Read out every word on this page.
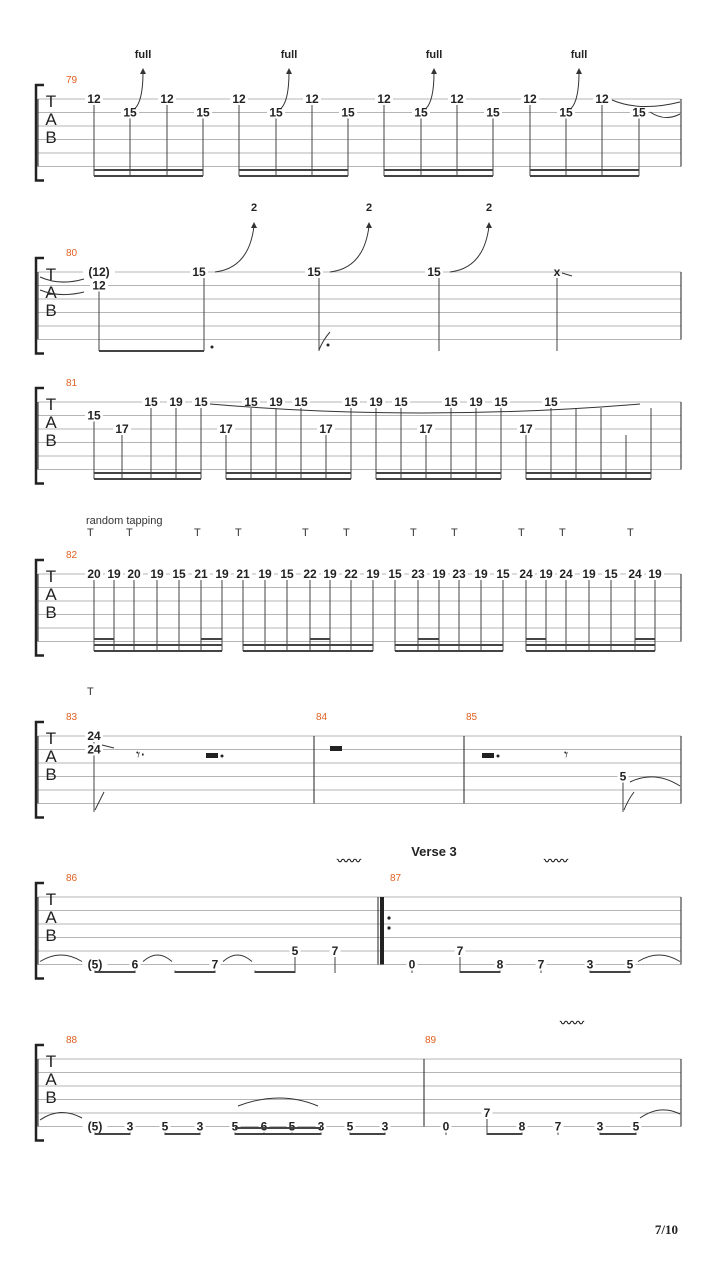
T
A
B
79
12
15
12
15
12
15
12
15
12
15
12
15
12
15
12
15
full	full	full	full
T
A
B
80
(12)
12
15
2
15
2
15
2
x
T
A
B
81
15
17
15 19 15
17
15 19 15
17
15 19 15
17
15 19 15
17
15
T
A
B
82
random tapping
T	T	T	T	T	T	T	T	T	T	T
20 19 20 19 15 21 19 21 19 15 22 19 22 19 15 23 19 23 19 15 24 19 24 19 15 24 19
T
A
B
83	84	85
T
24
24 𝄾·	𝄾
5
T
A
B
86	87
Verse 3
〰〰	〰〰
(5) 6	7
5	7
0
7
8	7	3	5
T
A
B
88	89
〰〰
(5) 3 5 3 5 6 5 3 5 3	0
7
8 7	3 5
7/10
